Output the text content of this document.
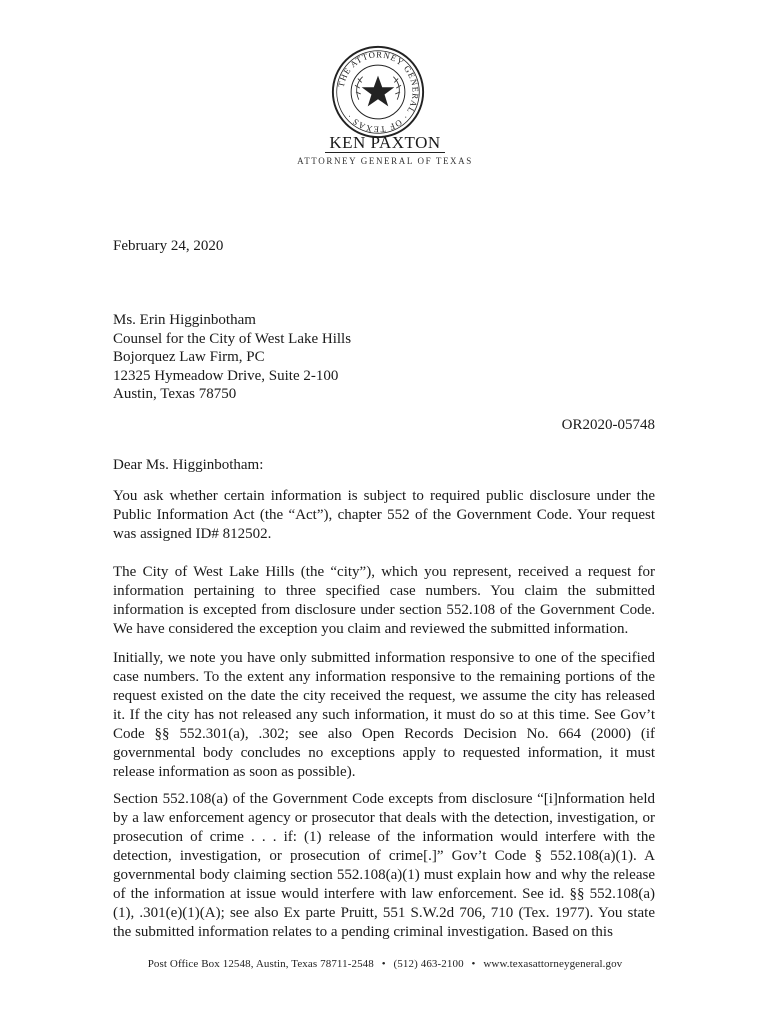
THE ATTORNEY GENERAL · OF TEXAS ·
KEN PAXTON
ATTORNEY GENERAL OF TEXAS
February 24, 2020
Ms. Erin Higginbotham
Counsel for the City of West Lake Hills
Bojorquez Law Firm, PC
12325 Hymeadow Drive, Suite 2-100
Austin, Texas 78750
OR2020-05748
Dear Ms. Higginbotham:
You ask whether certain information is subject to required public disclosure under the Public Information Act (the “Act”), chapter 552 of the Government Code. Your request was assigned ID# 812502.
The City of West Lake Hills (the “city”), which you represent, received a request for information pertaining to three specified case numbers. You claim the submitted information is excepted from disclosure under section 552.108 of the Government Code. We have considered the exception you claim and reviewed the submitted information.
Initially, we note you have only submitted information responsive to one of the specified case numbers. To the extent any information responsive to the remaining portions of the request existed on the date the city received the request, we assume the city has released it. If the city has not released any such information, it must do so at this time. See Gov’t Code §§ 552.301(a), .302; see also Open Records Decision No. 664 (2000) (if governmental body concludes no exceptions apply to requested information, it must release information as soon as possible).
Section 552.108(a) of the Government Code excepts from disclosure “[i]nformation held by a law enforcement agency or prosecutor that deals with the detection, investigation, or prosecution of crime . . . if: (1) release of the information would interfere with the detection, investigation, or prosecution of crime[.]” Gov’t Code § 552.108(a)(1). A governmental body claiming section 552.108(a)(1) must explain how and why the release of the information at issue would interfere with law enforcement. See id. §§ 552.108(a)(1), .301(e)(1)(A); see also Ex parte Pruitt, 551 S.W.2d 706, 710 (Tex. 1977). You state the submitted information relates to a pending criminal investigation. Based on this
Post Office Box 12548, Austin, Texas 78711-2548 • (512) 463-2100 • www.texasattorneygeneral.gov
